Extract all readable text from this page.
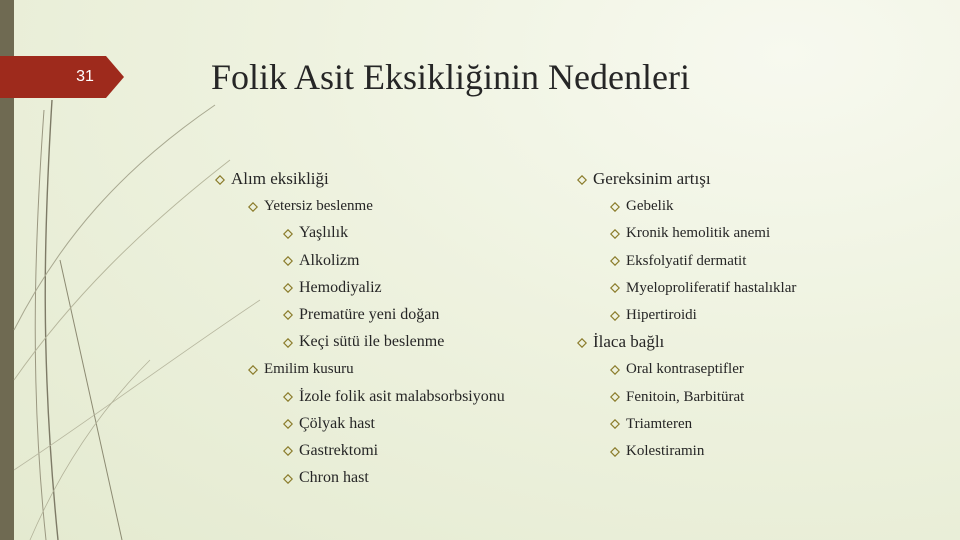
31	Folik Asit Eksikliğinin Nedenleri
Alım eksikliği
Yetersiz beslenme
Yaşlılık
Alkolizm
Hemodiyaliz
Prematüre yeni doğan
Keçi sütü ile beslenme
Emilim kusuru
İzole folik asit malabsorbsiyonu
Çölyak hast
Gastrektomi
Chron hast
Gereksinim artışı
Gebelik
Kronik hemolitik anemi
Eksfolyatif dermatit
Myeloproliferatif hastalıklar
Hipertiroidi
İlaca bağlı
Oral kontraseptifler
Fenitoin, Barbitürat
Triamteren
Kolestiramin
